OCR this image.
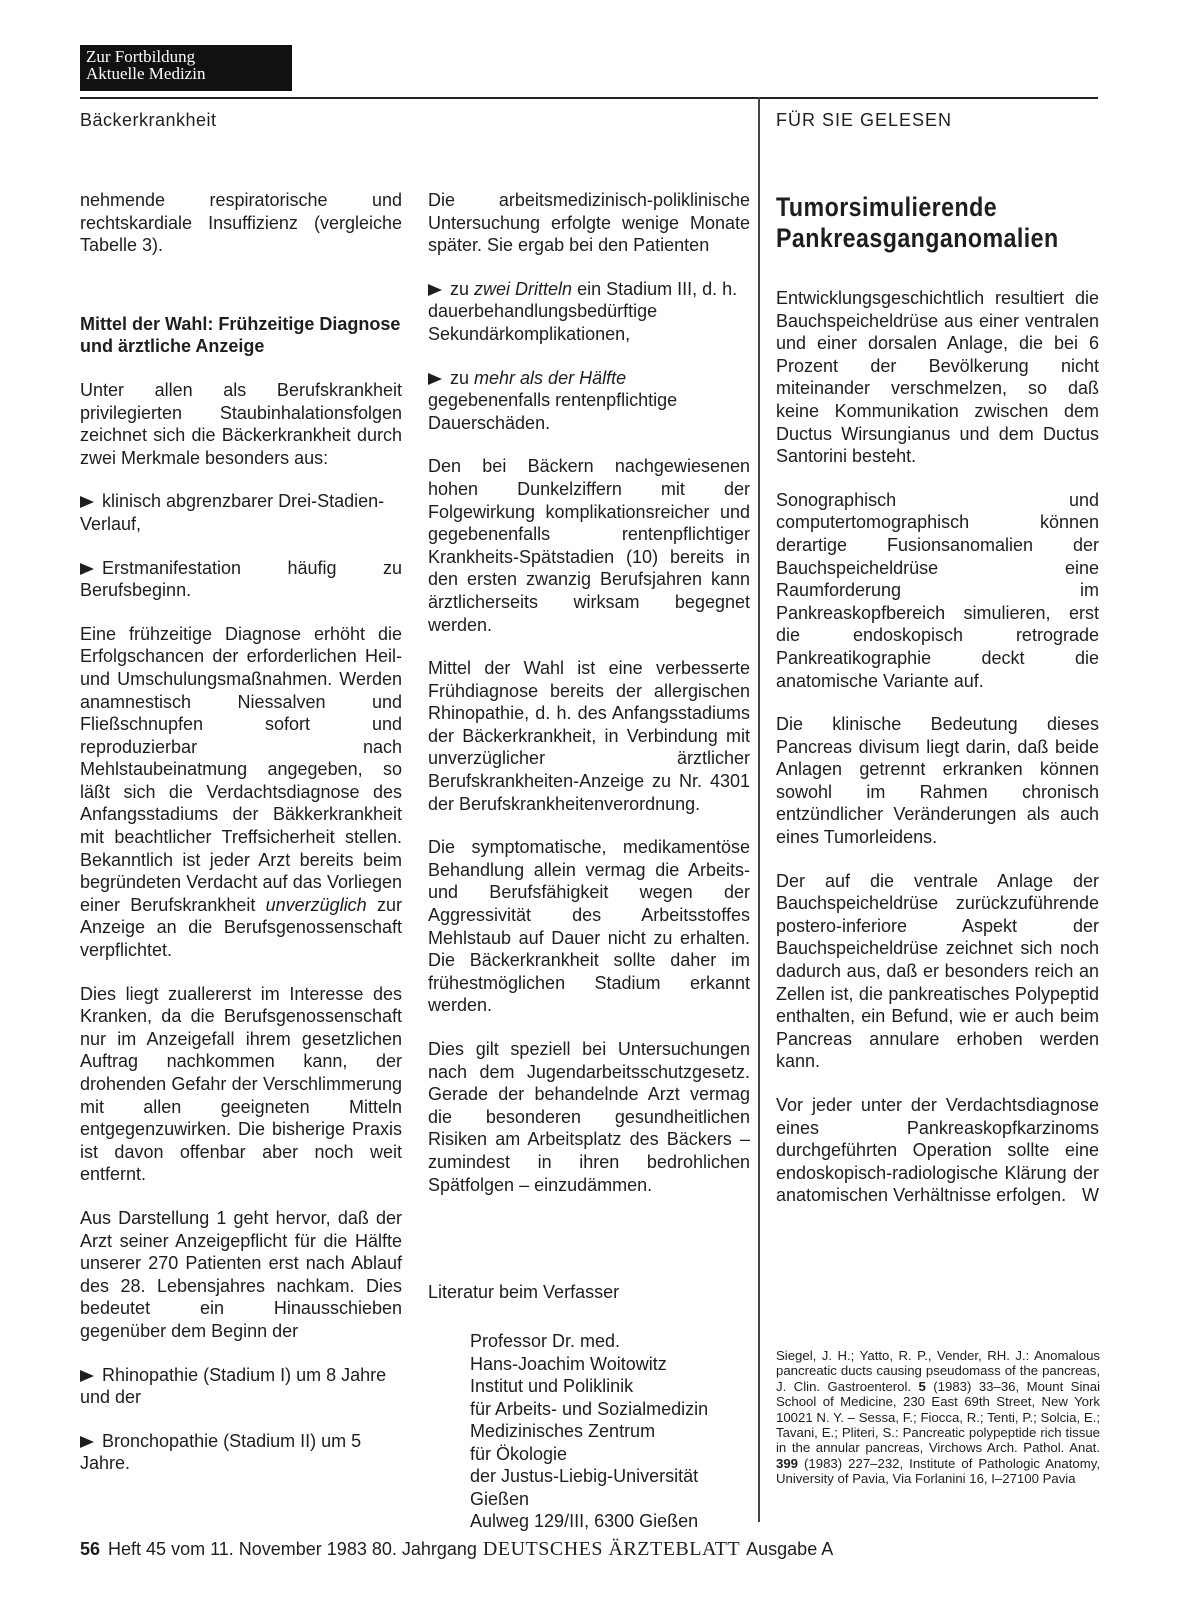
Zur Fortbildung
Aktuelle Medizin
Bäckerkrankheit	FÜR SIE GELESEN

nehmende respiratorische und rechtskardiale Insuffizienz (vergleiche Tabelle 3).

Mittel der Wahl: Frühzeitige Diagnose und ärztliche Anzeige

Unter allen als Berufskrankheit privilegierten Staubinhalationsfolgen zeichnet sich die Bäckerkrankheit durch zwei Merkmale besonders aus:

klinisch abgrenzbarer Drei-Stadien-Verlauf,
Erstmanifestation häufig zu Berufsbeginn.

Eine frühzeitige Diagnose erhöht die Erfolgschancen der erforderlichen Heil- und Umschulungsmaßnahmen. Werden anamnestisch Niessalven und Fließschnupfen sofort und reproduzierbar nach Mehlstaubeinatmung angegeben, so läßt sich die Verdachtsdiagnose des Anfangsstadiums der Bäkkerkrankheit mit beachtlicher Treffsicherheit stellen. Bekanntlich ist jeder Arzt bereits beim begründeten Verdacht auf das Vorliegen einer Berufskrankheit unverzüglich zur Anzeige an die Berufsgenossenschaft verpflichtet.

Dies liegt zuallererst im Interesse des Kranken, da die Berufsgenossenschaft nur im Anzeigefall ihrem gesetzlichen Auftrag nachkommen kann, der drohenden Gefahr der Verschlimmerung mit allen geeigneten Mitteln entgegenzuwirken. Die bisherige Praxis ist davon offenbar aber noch weit entfernt.

Aus Darstellung 1 geht hervor, daß der Arzt seiner Anzeigepflicht für die Hälfte unserer 270 Patienten erst nach Ablauf des 28. Lebensjahres nachkam. Dies bedeutet ein Hinausschieben gegenüber dem Beginn der

Rhinopathie (Stadium I) um 8 Jahre und der
Bronchopathie (Stadium II) um 5 Jahre.

Die arbeitsmedizinisch-poliklinische Untersuchung erfolgte wenige Monate später. Sie ergab bei den Patienten

zu zwei Dritteln ein Stadium III, d. h. dauerbehandlungsbedürftige Sekundärkomplikationen,
zu mehr als der Hälfte gegebenenfalls rentenpflichtige Dauerschäden.

Den bei Bäckern nachgewiesenen hohen Dunkelziffern mit der Folgewirkung komplikationsreicher und gegebenenfalls rentenpflichtiger Krankheits-Spätstadien (10) bereits in den ersten zwanzig Berufsjahren kann ärztlicherseits wirksam begegnet werden.

Mittel der Wahl ist eine verbesserte Frühdiagnose bereits der allergischen Rhinopathie, d. h. des Anfangsstadiums der Bäckerkrankheit, in Verbindung mit unverzüglicher ärztlicher Berufskrankheiten-Anzeige zu Nr. 4301 der Berufskrankheitenverordnung.

Die symptomatische, medikamentöse Behandlung allein vermag die Arbeits- und Berufsfähigkeit wegen der Aggressivität des Arbeitsstoffes Mehlstaub auf Dauer nicht zu erhalten. Die Bäckerkrankheit sollte daher im frühestmöglichen Stadium erkannt werden.

Dies gilt speziell bei Untersuchungen nach dem Jugendarbeitsschutzgesetz. Gerade der behandelnde Arzt vermag die besonderen gesundheitlichen Risiken am Arbeitsplatz des Bäckers – zumindest in ihren bedrohlichen Spätfolgen – einzudämmen.

Literatur beim Verfasser
Professor Dr. med.
Hans-Joachim Woitowitz
Institut und Poliklinik
für Arbeits- und Sozialmedizin
Medizinisches Zentrum
für Ökologie
der Justus-Liebig-Universität
Gießen
Aulweg 129/III, 6300 Gießen
Tumorsimulierende
Pankreasganganomalien

Entwicklungsgeschichtlich resultiert die Bauchspeicheldrüse aus einer ventralen und einer dorsalen Anlage, die bei 6 Prozent der Bevölkerung nicht miteinander verschmelzen, so daß keine Kommunikation zwischen dem Ductus Wirsungianus und dem Ductus Santorini besteht.

Sonographisch und computertomographisch können derartige Fusionsanomalien der Bauchspeicheldrüse eine Raumforderung im Pankreaskopfbereich simulieren, erst die endoskopisch retrograde Pankreatikographie deckt die anatomische Variante auf.

Die klinische Bedeutung dieses Pancreas divisum liegt darin, daß beide Anlagen getrennt erkranken können sowohl im Rahmen chronisch entzündlicher Veränderungen als auch eines Tumorleidens.

Der auf die ventrale Anlage der Bauchspeicheldrüse zurückzuführende postero-inferiore Aspekt der Bauchspeicheldrüse zeichnet sich noch dadurch aus, daß er besonders reich an Zellen ist, die pankreatisches Polypeptid enthalten, ein Befund, wie er auch beim Pancreas annulare erhoben werden kann.

Vor jeder unter der Verdachtsdiagnose eines Pankreaskopfkarzinoms durchgeführten Operation sollte eine endoskopisch-radiologische Klärung der anatomischen Verhältnisse erfolgen. W

Siegel, J. H.; Yatto, R. P., Vender, RH. J.: Anomalous pancreatic ducts causing pseudomass of the pancreas, J. Clin. Gastroenterol. 5 (1983) 33–36, Mount Sinai School of Medicine, 230 East 69th Street, New York 10021 N. Y. – Sessa, F.; Fiocca, R.; Tenti, P.; Solcia, E.; Tavani, E.; Pliteri, S.: Pancreatic polypeptide rich tissue in the annular pancreas, Virchows Arch. Pathol. Anat. 399 (1983) 227–232, Institute of Pathologic Anatomy, University of Pavia, Via Forlanini 16, I–27100 Pavia
56 Heft 45 vom 11. November 1983 80. Jahrgang DEUTSCHES ÄRZTEBLATT Ausgabe A
